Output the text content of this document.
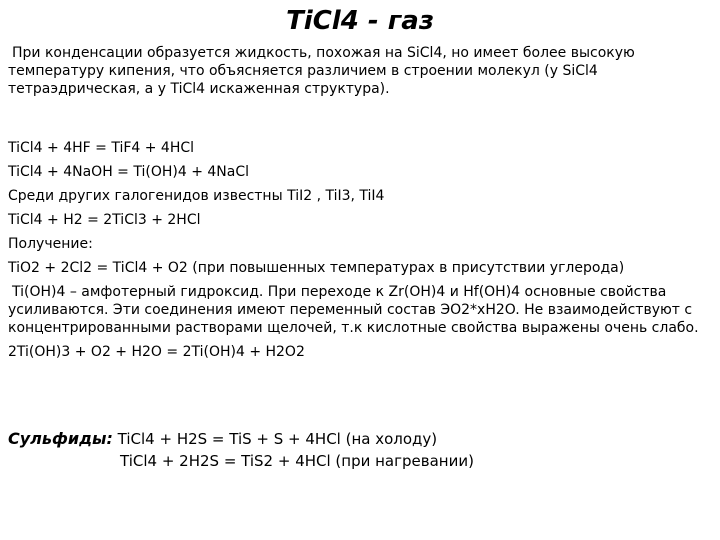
TiCl4 - газ
При конденсации образуется жидкость, похожая на SiCl4, но имеет более высокую температуру кипения, что объясняется различием в строении молекул (у SiCl4 тетраэдрическая, а у TiCl4 искаженная структура).
TiCl4 + 4HF = TiF4 + 4HCl
TiCl4 + 4NaOH = Ti(OH)4 + 4NaCl
Среди других галогенидов известны TiI2 , TiI3, TiI4
TiCl4 + H2 = 2TiCl3 + 2HCl
Получение:
TiO2 + 2Cl2 = TiCl4 + O2 (при повышенных температурах в присутствии углерода)
Ti(OH)4 – амфотерный гидроксид. При переходе к Zr(OH)4 и Hf(OH)4 основные свойства усиливаются. Эти соединения имеют переменный состав ЭО2*xH2O. Не взаимодействуют с концентрированными растворами щелочей, т.к кислотные свойства выражены очень слабо.
2Ti(OH)3 + O2 + H2O = 2Ti(OH)4 + H2O2
Сульфиды: TiCl4 + H2S = TiS + S + 4HCl (на холоду)
TiCl4 + 2H2S = TiS2 + 4HCl (при нагревании)
